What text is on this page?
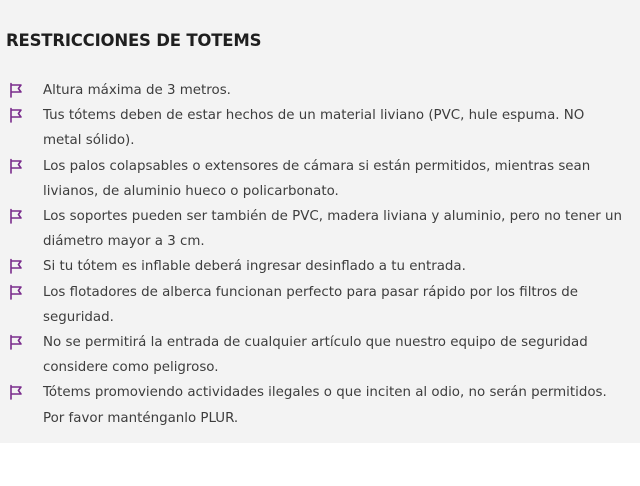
RESTRICCIONES DE TOTEMS
Altura máxima de 3 metros.
Tus tótems deben de estar hechos de un material liviano (PVC, hule espuma. NO metal sólido).
Los palos colapsables o extensores de cámara si están permitidos, mientras sean livianos, de aluminio hueco o policarbonato.
Los soportes pueden ser también de PVC, madera liviana y aluminio, pero no tener un diámetro mayor a 3 cm.
Si tu tótem es inflable deberá ingresar desinflado a tu entrada.
Los flotadores de alberca funcionan perfecto para pasar rápido por los filtros de seguridad.
No se permitirá la entrada de cualquier artículo que nuestro equipo de seguridad considere como peligroso.
Tótems promoviendo actividades ilegales o que inciten al odio, no serán permitidos. Por favor manténganlo PLUR.
